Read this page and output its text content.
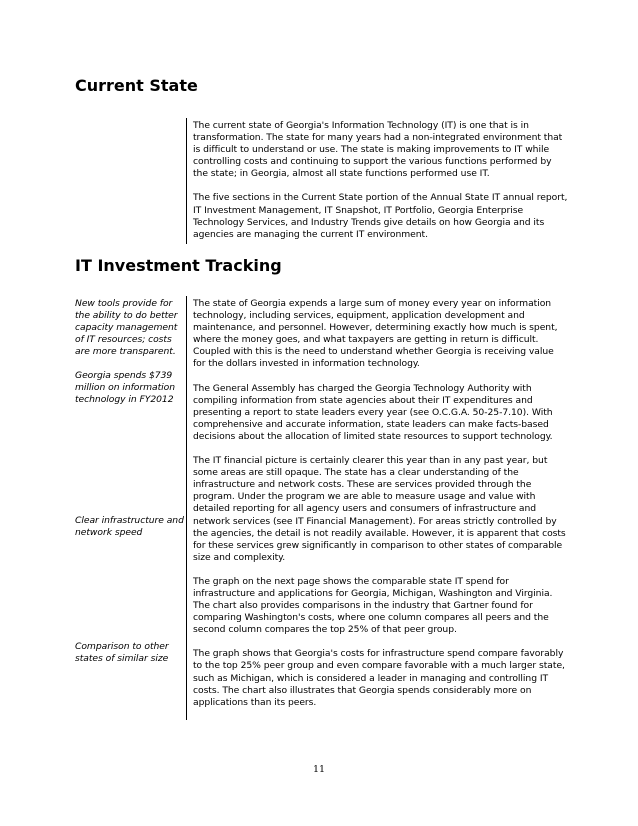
Current State

The current state of Georgia's Information Technology (IT) is one that is in transformation. The state for many years had a non-integrated environment that is difficult to understand or use. The state is making improvements to IT while controlling costs and continuing to support the various functions performed by the state; in Georgia, almost all state functions performed use IT.

The five sections in the Current State portion of the Annual State IT annual report, IT Investment Management, IT Snapshot, IT Portfolio, Georgia Enterprise Technology Services, and Industry Trends give details on how Georgia and its agencies are managing the current IT environment.

IT Investment Tracking

New tools provide for the ability to do better capacity management of IT resources; costs are more transparent.

Georgia spends $739 million on information technology in FY2012

Clear infrastructure and network speed

Comparison to other states of similar size

The state of Georgia expends a large sum of money every year on information technology, including services, equipment, application development and maintenance, and personnel. However, determining exactly how much is spent, where the money goes, and what taxpayers are getting in return is difficult. Coupled with this is the need to understand whether Georgia is receiving value for the dollars invested in information technology.

The General Assembly has charged the Georgia Technology Authority with compiling information from state agencies about their IT expenditures and presenting a report to state leaders every year (see O.C.G.A. 50-25-7.10). With comprehensive and accurate information, state leaders can make facts-based decisions about the allocation of limited state resources to support technology.

The IT financial picture is certainly clearer this year than in any past year, but some areas are still opaque. The state has a clear understanding of the infrastructure and network costs. These are services provided through the program. Under the program we are able to measure usage and value with detailed reporting for all agency users and consumers of infrastructure and network services (see IT Financial Management). For areas strictly controlled by the agencies, the detail is not readily available. However, it is apparent that costs for these services grew significantly in comparison to other states of comparable size and complexity.

The graph on the next page shows the comparable state IT spend for infrastructure and applications for Georgia, Michigan, Washington and Virginia. The chart also provides comparisons in the industry that Gartner found for comparing Washington's costs, where one column compares all peers and the second column compares the top 25% of that peer group.

The graph shows that Georgia's costs for infrastructure spend compare favorably to the top 25% peer group and even compare favorable with a much larger state, such as Michigan, which is considered a leader in managing and controlling IT costs. The chart also illustrates that Georgia spends considerably more on applications than its peers.

11
